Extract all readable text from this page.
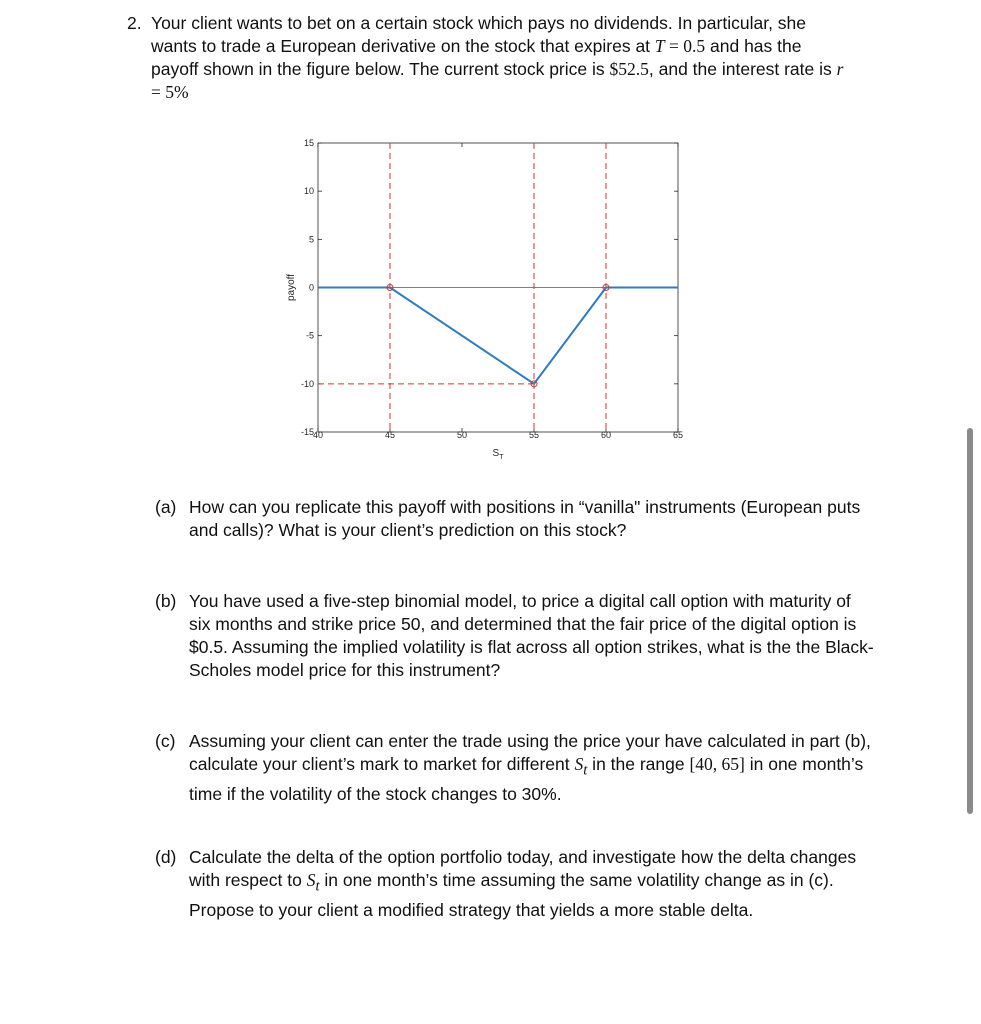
2. Your client wants to bet on a certain stock which pays no dividends. In particular, she wants to trade a European derivative on the stock that expires at T = 0.5 and has the payoff shown in the figure below. The current stock price is $52.5, and the interest rate is r = 5%
40	45	50	55	60	65
15
10
5
0
-5
-10
-15
payoff
$S_T$
(a) How can you replicate this payoff with positions in “vanilla" instruments (European puts and calls)? What is your client’s prediction on this stock?
(b) You have used a five-step binomial model, to price a digital call option with maturity of six months and strike price 50, and determined that the fair price of the digital option is $0.5. Assuming the implied volatility is flat across all option strikes, what is the the Black-Scholes model price for this instrument?
(c) Assuming your client can enter the trade using the price your have calculated in part (b), calculate your client’s mark to market for different $S_t$ in the range [40, 65] in one month’s time if the volatility of the stock changes to 30%.
(d) Calculate the delta of the option portfolio today, and investigate how the delta changes with respect to $S_t$ in one month’s time assuming the same volatility change as in (c). Propose to your client a modified strategy that yields a more stable delta.
